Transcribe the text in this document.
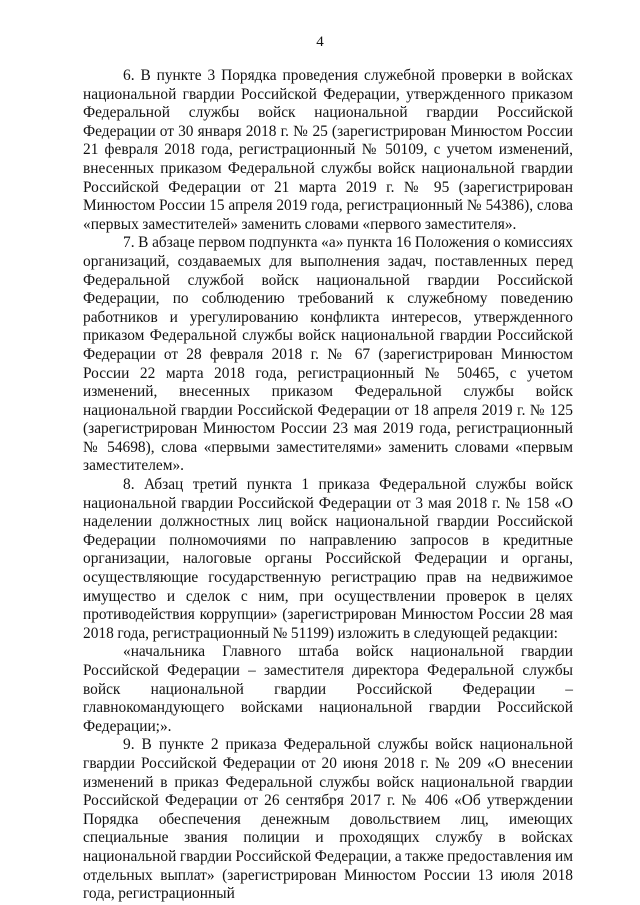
4

6. В пункте 3 Порядка проведения служебной проверки в войсках национальной гвардии Российской Федерации, утвержденного приказом Федеральной службы войск национальной гвардии Российской Федерации от 30 января 2018 г. № 25 (зарегистрирован Минюстом России 21 февраля 2018 года, регистрационный № 50109, с учетом изменений, внесенных приказом Федеральной службы войск национальной гвардии Российской Федерации от 21 марта 2019 г. № 95 (зарегистрирован Минюстом России 15 апреля 2019 года, регистрационный № 54386), слова «первых заместителей» заменить словами «первого заместителя».

7. В абзаце первом подпункта «а» пункта 16 Положения о комиссиях организаций, создаваемых для выполнения задач, поставленных перед Федеральной службой войск национальной гвардии Российской Федерации, по соблюдению требований к служебному поведению работников и урегулированию конфликта интересов, утвержденного приказом Федеральной службы войск национальной гвардии Российской Федерации от 28 февраля 2018 г. № 67 (зарегистрирован Минюстом России 22 марта 2018 года, регистрационный № 50465, с учетом изменений, внесенных приказом Федеральной службы войск национальной гвардии Российской Федерации от 18 апреля 2019 г. № 125 (зарегистрирован Минюстом России 23 мая 2019 года, регистрационный № 54698), слова «первыми заместителями» заменить словами «первым заместителем».

8. Абзац третий пункта 1 приказа Федеральной службы войск национальной гвардии Российской Федерации от 3 мая 2018 г. № 158 «О наделении должностных лиц войск национальной гвардии Российской Федерации полномочиями по направлению запросов в кредитные организации, налоговые органы Российской Федерации и органы, осуществляющие государственную регистрацию прав на недвижимое имущество и сделок с ним, при осуществлении проверок в целях противодействия коррупции» (зарегистрирован Минюстом России 28 мая 2018 года, регистрационный № 51199) изложить в следующей редакции:

«начальника Главного штаба войск национальной гвардии Российской Федерации – заместителя директора Федеральной службы войск национальной гвардии Российской Федерации – главнокомандующего войсками национальной гвардии Российской Федерации;».

9. В пункте 2 приказа Федеральной службы войск национальной гвардии Российской Федерации от 20 июня 2018 г. № 209 «О внесении изменений в приказ Федеральной службы войск национальной гвардии Российской Федерации от 26 сентября 2017 г. № 406 «Об утверждении Порядка обеспечения денежным довольствием лиц, имеющих специальные звания полиции и проходящих службу в войсках национальной гвардии Российской Федерации, а также предоставления им отдельных выплат» (зарегистрирован Минюстом России 13 июля 2018 года, регистрационный
